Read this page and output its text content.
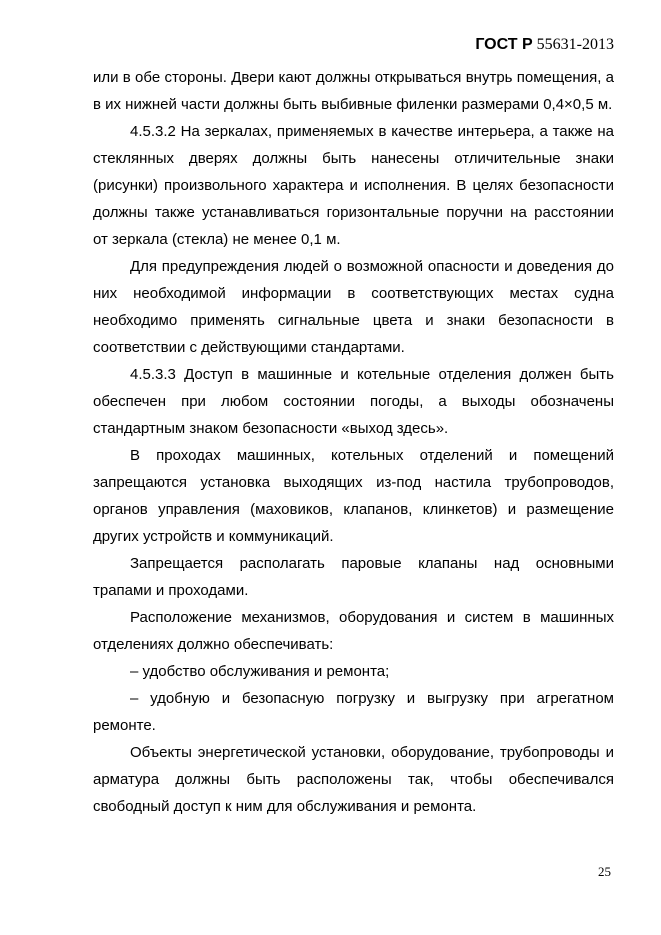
ГОСТ Р 55631-2013

или в обе стороны. Двери кают должны открываться внутрь помещения, а в их нижней части должны быть выбивные филенки размерами 0,4×0,5 м.

4.5.3.2 На зеркалах, применяемых в качестве интерьера, а также на стеклянных дверях должны быть нанесены отличительные знаки (рисунки) произвольного характера и исполнения. В целях безопасности должны также устанавливаться горизонтальные поручни на расстоянии от зеркала (стекла) не менее 0,1 м.

Для предупреждения людей о возможной опасности и доведения до них необходимой информации в соответствующих местах судна необходимо применять сигнальные цвета и знаки безопасности в соответствии с действующими стандартами.

4.5.3.3 Доступ в машинные и котельные отделения должен быть обеспечен при любом состоянии погоды, а выходы обозначены стандартным знаком безопасности «выход здесь».

В проходах машинных, котельных отделений и помещений запрещаются установка выходящих из-под настила трубопроводов, органов управления (маховиков, клапанов, клинкетов) и размещение других устройств и коммуникаций.

Запрещается располагать паровые клапаны над основными трапами и проходами.

Расположение механизмов, оборудования и систем в машинных отделениях должно обеспечивать:

– удобство обслуживания и ремонта;

– удобную и безопасную погрузку и выгрузку при агрегатном ремонте.

Объекты энергетической установки, оборудование, трубопроводы и арматура должны быть расположены так, чтобы обеспечивался свободный доступ к ним для обслуживания и ремонта.

25
